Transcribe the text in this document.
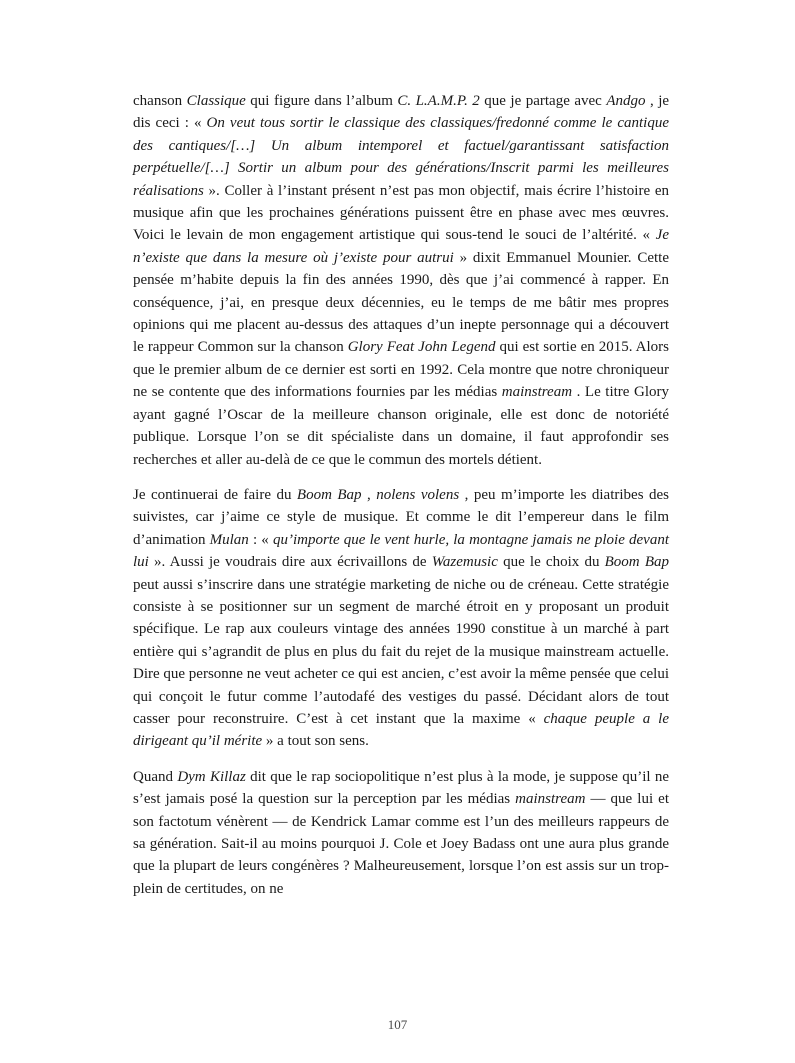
chanson Classique qui figure dans l’album C. L.A.M.P. 2 que je partage avec Andgo , je dis ceci : « On veut tous sortir le classique des classiques/fredonné comme le cantique des cantiques/[…] Un album intemporel et factuel/garantissant satisfaction perpétuelle/[…] Sortir un album pour des générations/Inscrit parmi les meilleures réalisations ». Coller à l’instant présent n’est pas mon objectif, mais écrire l’histoire en musique afin que les prochaines générations puissent être en phase avec mes œuvres. Voici le levain de mon engagement artistique qui sous-tend le souci de l’altérité. « Je n’existe que dans la mesure où j’existe pour autrui » dixit Emmanuel Mounier. Cette pensée m’habite depuis la fin des années 1990, dès que j’ai commencé à rapper. En conséquence, j’ai, en presque deux décennies, eu le temps de me bâtir mes propres opinions qui me placent au-dessus des attaques d’un inepte personnage qui a découvert le rappeur Common sur la chanson Glory Feat John Legend qui est sortie en 2015. Alors que le premier album de ce dernier est sorti en 1992. Cela montre que notre chroniqueur ne se contente que des informations fournies par les médias mainstream . Le titre Glory ayant gagné l’Oscar de la meilleure chanson originale, elle est donc de notoriété publique. Lorsque l’on se dit spécialiste dans un domaine, il faut approfondir ses recherches et aller au-delà de ce que le commun des mortels détient.

Je continuerai de faire du Boom Bap , nolens volens , peu m’importe les diatribes des suivistes, car j’aime ce style de musique. Et comme le dit l’empereur dans le film d’animation Mulan : « qu’importe que le vent hurle, la montagne jamais ne ploie devant lui ». Aussi je voudrais dire aux écrivaillons de Wazemusic que le choix du Boom Bap peut aussi s’inscrire dans une stratégie marketing de niche ou de créneau. Cette stratégie consiste à se positionner sur un segment de marché étroit en y proposant un produit spécifique. Le rap aux couleurs vintage des années 1990 constitue à un marché à part entière qui s’agrandit de plus en plus du fait du rejet de la musique mainstream actuelle. Dire que personne ne veut acheter ce qui est ancien, c’est avoir la même pensée que celui qui conçoit le futur comme l’autodafé des vestiges du passé. Décidant alors de tout casser pour reconstruire. C’est à cet instant que la maxime « chaque peuple a le dirigeant qu’il mérite » a tout son sens.

Quand Dym Killaz dit que le rap sociopolitique n’est plus à la mode, je suppose qu’il ne s’est jamais posé la question sur la perception par les médias mainstream — que lui et son factotum vénèrent — de Kendrick Lamar comme est l’un des meilleurs rappeurs de sa génération. Sait-il au moins pourquoi J. Cole et Joey Badass ont une aura plus grande que la plupart de leurs congénères ? Malheureusement, lorsque l’on est assis sur un trop-plein de certitudes, on ne

107
